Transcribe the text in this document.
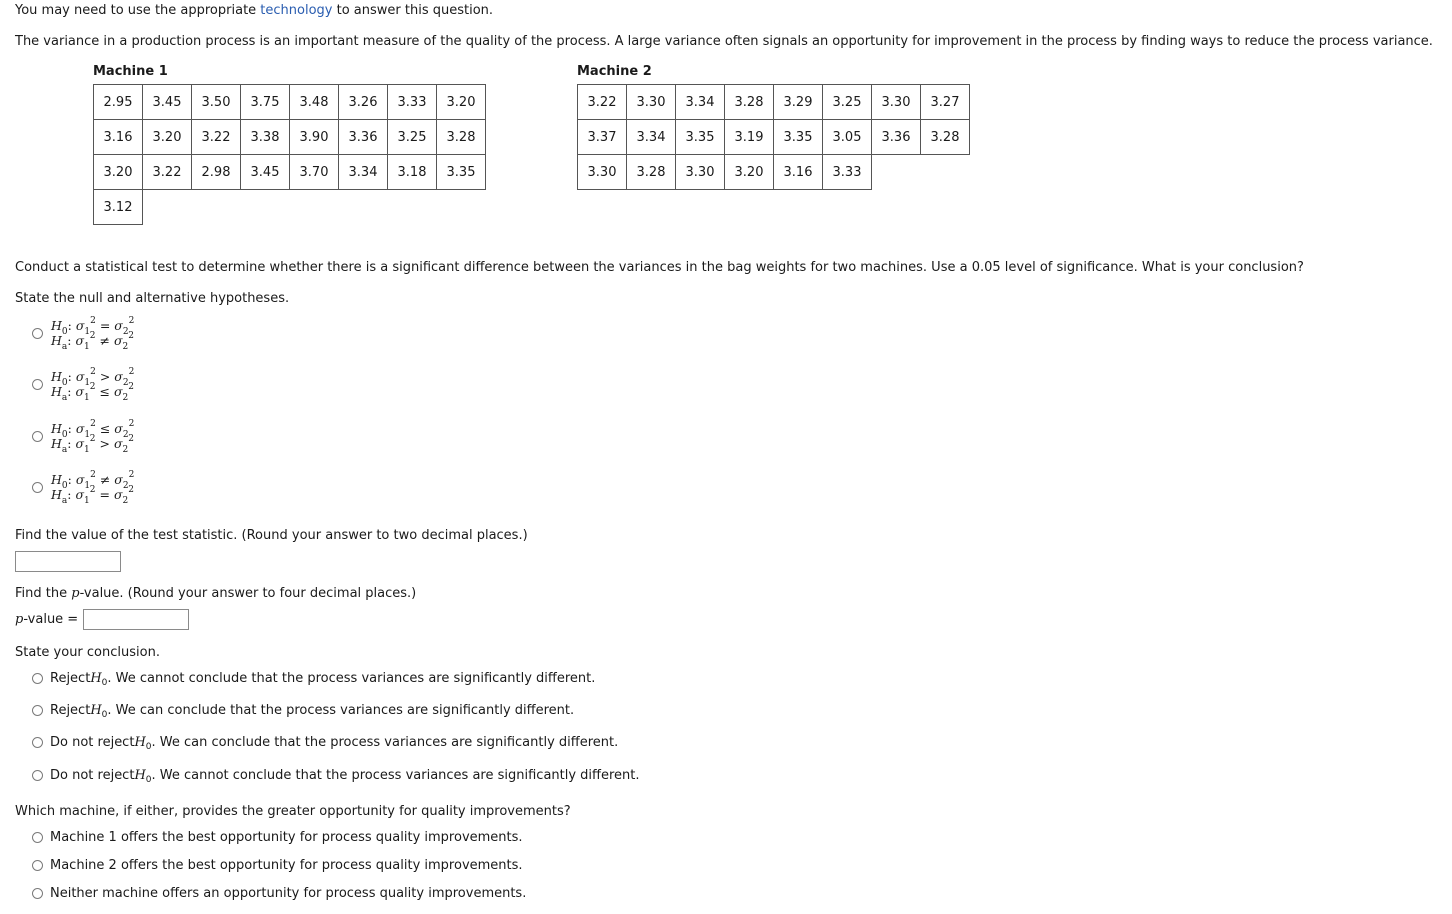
You may need to use the appropriate technology to answer this question.
The variance in a production process is an important measure of the quality of the process. A large variance often signals an opportunity for improvement in the process by finding ways to reduce the process variance.
Machine 1	Machine 2
2.95	3.45	3.50	3.75	3.48	3.26	3.33	3.20
3.16	3.20	3.22	3.38	3.90	3.36	3.25	3.28
3.20	3.22	2.98	3.45	3.70	3.34	3.18	3.35
3.12							
3.22	3.30	3.34	3.28	3.29	3.25	3.30	3.27
3.37	3.34	3.35	3.19	3.35	3.05	3.36	3.28
3.30	3.28	3.30	3.20	3.16	3.33		
Conduct a statistical test to determine whether there is a significant difference between the variances in the bag weights for two machines. Use a 0.05 level of significance. What is your conclusion?
State the null and alternative hypotheses.
$H_0$: $\sigma_1^2 = \sigma_2^2$
$H_a$: $\sigma_1^2 \ne \sigma_2^2$
$H_0$: $\sigma_1^2 > \sigma_2^2$
$H_a$: $\sigma_1^2 \le \sigma_2^2$
$H_0$: $\sigma_1^2 \le \sigma_2^2$
$H_a$: $\sigma_1^2 > \sigma_2^2$
$H_0$: $\sigma_1^2 \ne \sigma_2^2$
$H_a$: $\sigma_1^2 = \sigma_2^2$
Find the value of the test statistic. (Round your answer to two decimal places.)
Find the p-value. (Round your answer to four decimal places.)
p-value =
State your conclusion.
Reject H 0 . We cannot conclude that the process variances are significantly different.
Reject H 0 . We can conclude that the process variances are significantly different.
Do not reject H 0 . We can conclude that the process variances are significantly different.
Do not reject H 0 . We cannot conclude that the process variances are significantly different.
Which machine, if either, provides the greater opportunity for quality improvements?
Machine 1 offers the best opportunity for process quality improvements.
Machine 2 offers the best opportunity for process quality improvements.
Neither machine offers an opportunity for process quality improvements.
